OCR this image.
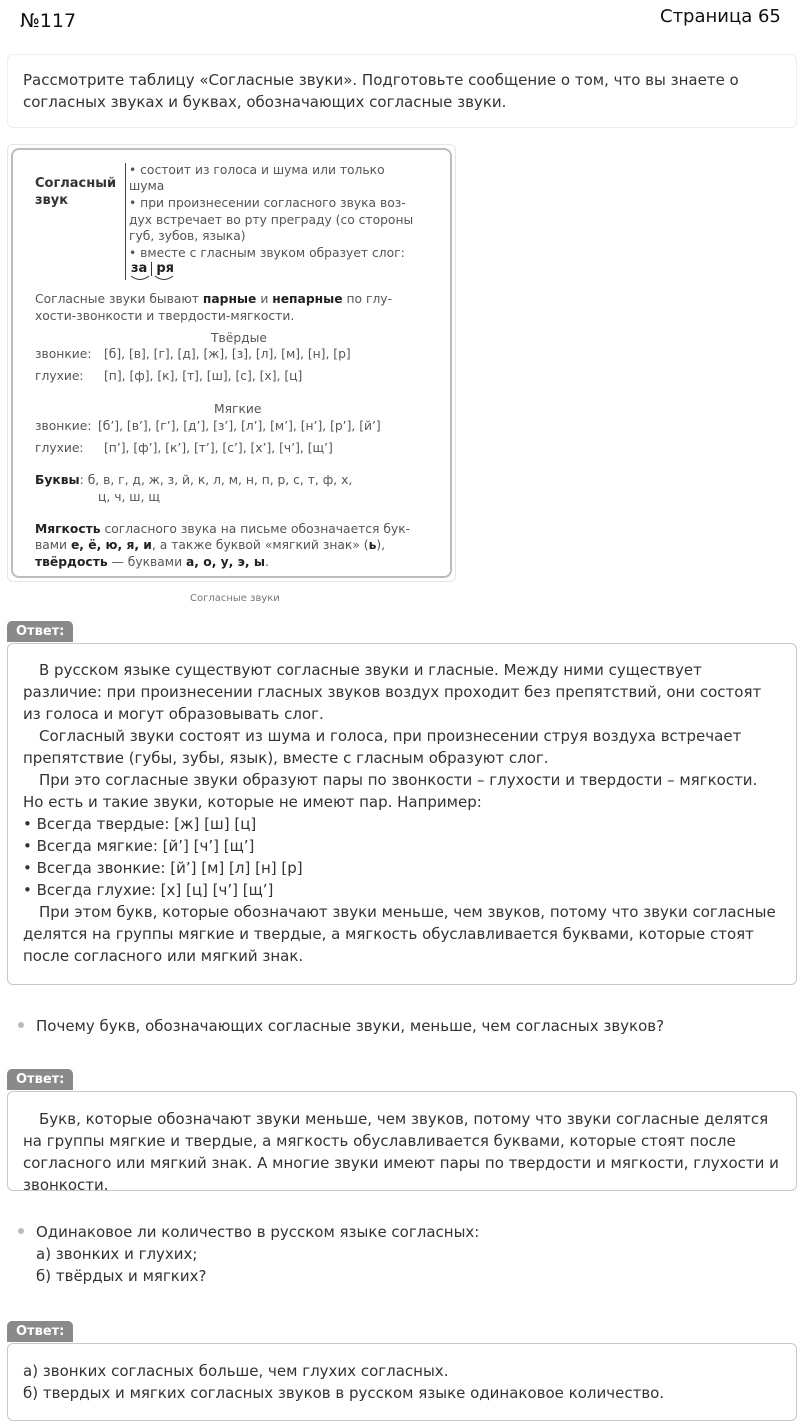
№117	Страница 65
Рассмотрите таблицу «Согласные звуки». Подготовьте сообщение о том, что вы знаете о согласных звуках и буквах, обозначающих согласные звуки.
Согласный
звук
• состоит из голоса и шума или только
шума
• при произнесении согласного звука воз-
дух встречает во рту преграду (со стороны
губ, зубов, языка)
• вместе с гласным звуком образует слог:
за ря
Согласные звуки бывают парные и непарные по глу-
хости-звонкости и твердости-мягкости.
Твёрдые
звонкие: [б], [в], [г], [д], [ж], [з], [л], [м], [н], [р]
глухие: [п], [ф], [к], [т], [ш], [с], [х], [ц]
Мягкие
звонкие: [б’], [в’], [г’], [д’], [з’], [л’], [м’], [н’], [р’], [й’]
глухие: [п’], [ф’], [к’], [т’], [с’], [х’], [ч’], [щ’]
Буквы: б, в, г, д, ж, з, й, к, л, м, н, п, р, с, т, ф, х,
ц, ч, ш, щ
Мягкость согласного звука на письме обозначается бук-
вами е, ё, ю, я, и, а также буквой «мягкий знак» (ь),
твёрдость — буквами а, о, у, э, ы.
Согласные звуки
Ответ:

В русском языке существуют согласные звуки и гласные. Между ними существует различие: при произнесении гласных звуков воздух проходит без препятствий, они состоят из голоса и могут образовывать слог.

Согласный звуки состоят из шума и голоса, при произнесении струя воздуха встречает препятствие (губы, зубы, язык), вместе с гласным образуют слог.

При это согласные звуки образуют пары по звонкости – глухости и твердости – мягкости. Но есть и такие звуки, которые не имеют пар. Например:

• Всегда твердые: [ж] [ш] [ц]

• Всегда мягкие: [й’] [ч’] [щ’]

• Всегда звонкие: [й’] [м] [л] [н] [р]

• Всегда глухие: [х] [ц] [ч’] [щ’]

При этом букв, которые обозначают звуки меньше, чем звуков, потому что звуки согласные делятся на группы мягкие и твердые, а мягкость обуславливается буквами, которые стоят после согласного или мягкий знак.

Почему букв, обозначающих согласные звуки, меньше, чем согласных звуков?
Ответ:

Букв, которые обозначают звуки меньше, чем звуков, потому что звуки согласные делятся на группы мягкие и твердые, а мягкость обуславливается буквами, которые стоят после согласного или мягкий знак. А многие звуки имеют пары по твердости и мягкости, глухости и звонкости.

Одинаковое ли количество в русском языке согласных:
а) звонких и глухих;
б) твёрдых и мягких?
Ответ:

а) звонких согласных больше, чем глухих согласных.

б) твердых и мягких согласных звуков в русском языке одинаковое количество.
